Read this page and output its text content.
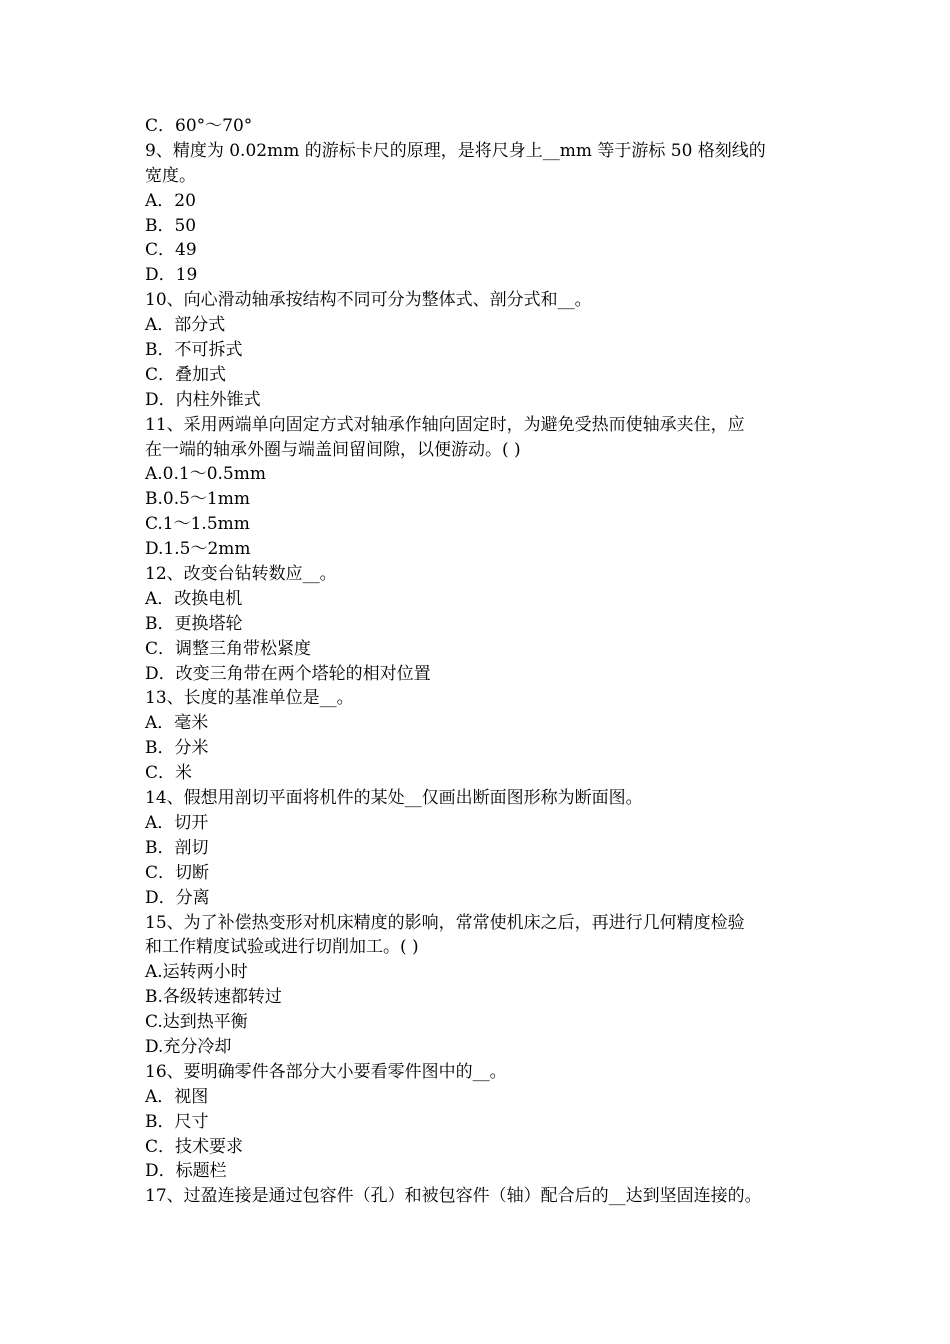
C．60°～70°
9、精度为 0.02mm 的游标卡尺的原理，是将尺身上__mm 等于游标 50 格刻线的
宽度。
A．20
B．50
C．49
D．19
10、向心滑动轴承按结构不同可分为整体式、剖分式和__。
A．部分式
B．不可拆式
C．叠加式
D．内柱外锥式
11、采用两端单向固定方式对轴承作轴向固定时，为避免受热而使轴承夹住，应
在一端的轴承外圈与端盖间留间隙，以便游动。( )
A.0.1～0.5mm
B.0.5～1mm
C.1～1.5mm
D.1.5～2mm
12、改变台钻转数应__。
A．改换电机
B．更换塔轮
C．调整三角带松紧度
D．改变三角带在两个塔轮的相对位置
13、长度的基准单位是__。
A．毫米
B．分米
C．米
14、假想用剖切平面将机件的某处__仅画出断面图形称为断面图。
A．切开
B．剖切
C．切断
D．分离
15、为了补偿热变形对机床精度的影响，常常使机床之后，再进行几何精度检验
和工作精度试验或进行切削加工。( )
A.运转两小时
B.各级转速都转过
C.达到热平衡
D.充分冷却
16、要明确零件各部分大小要看零件图中的__。
A．视图
B．尺寸
C．技术要求
D．标题栏
17、过盈连接是通过包容件（孔）和被包容件（轴）配合后的__达到坚固连接的。
